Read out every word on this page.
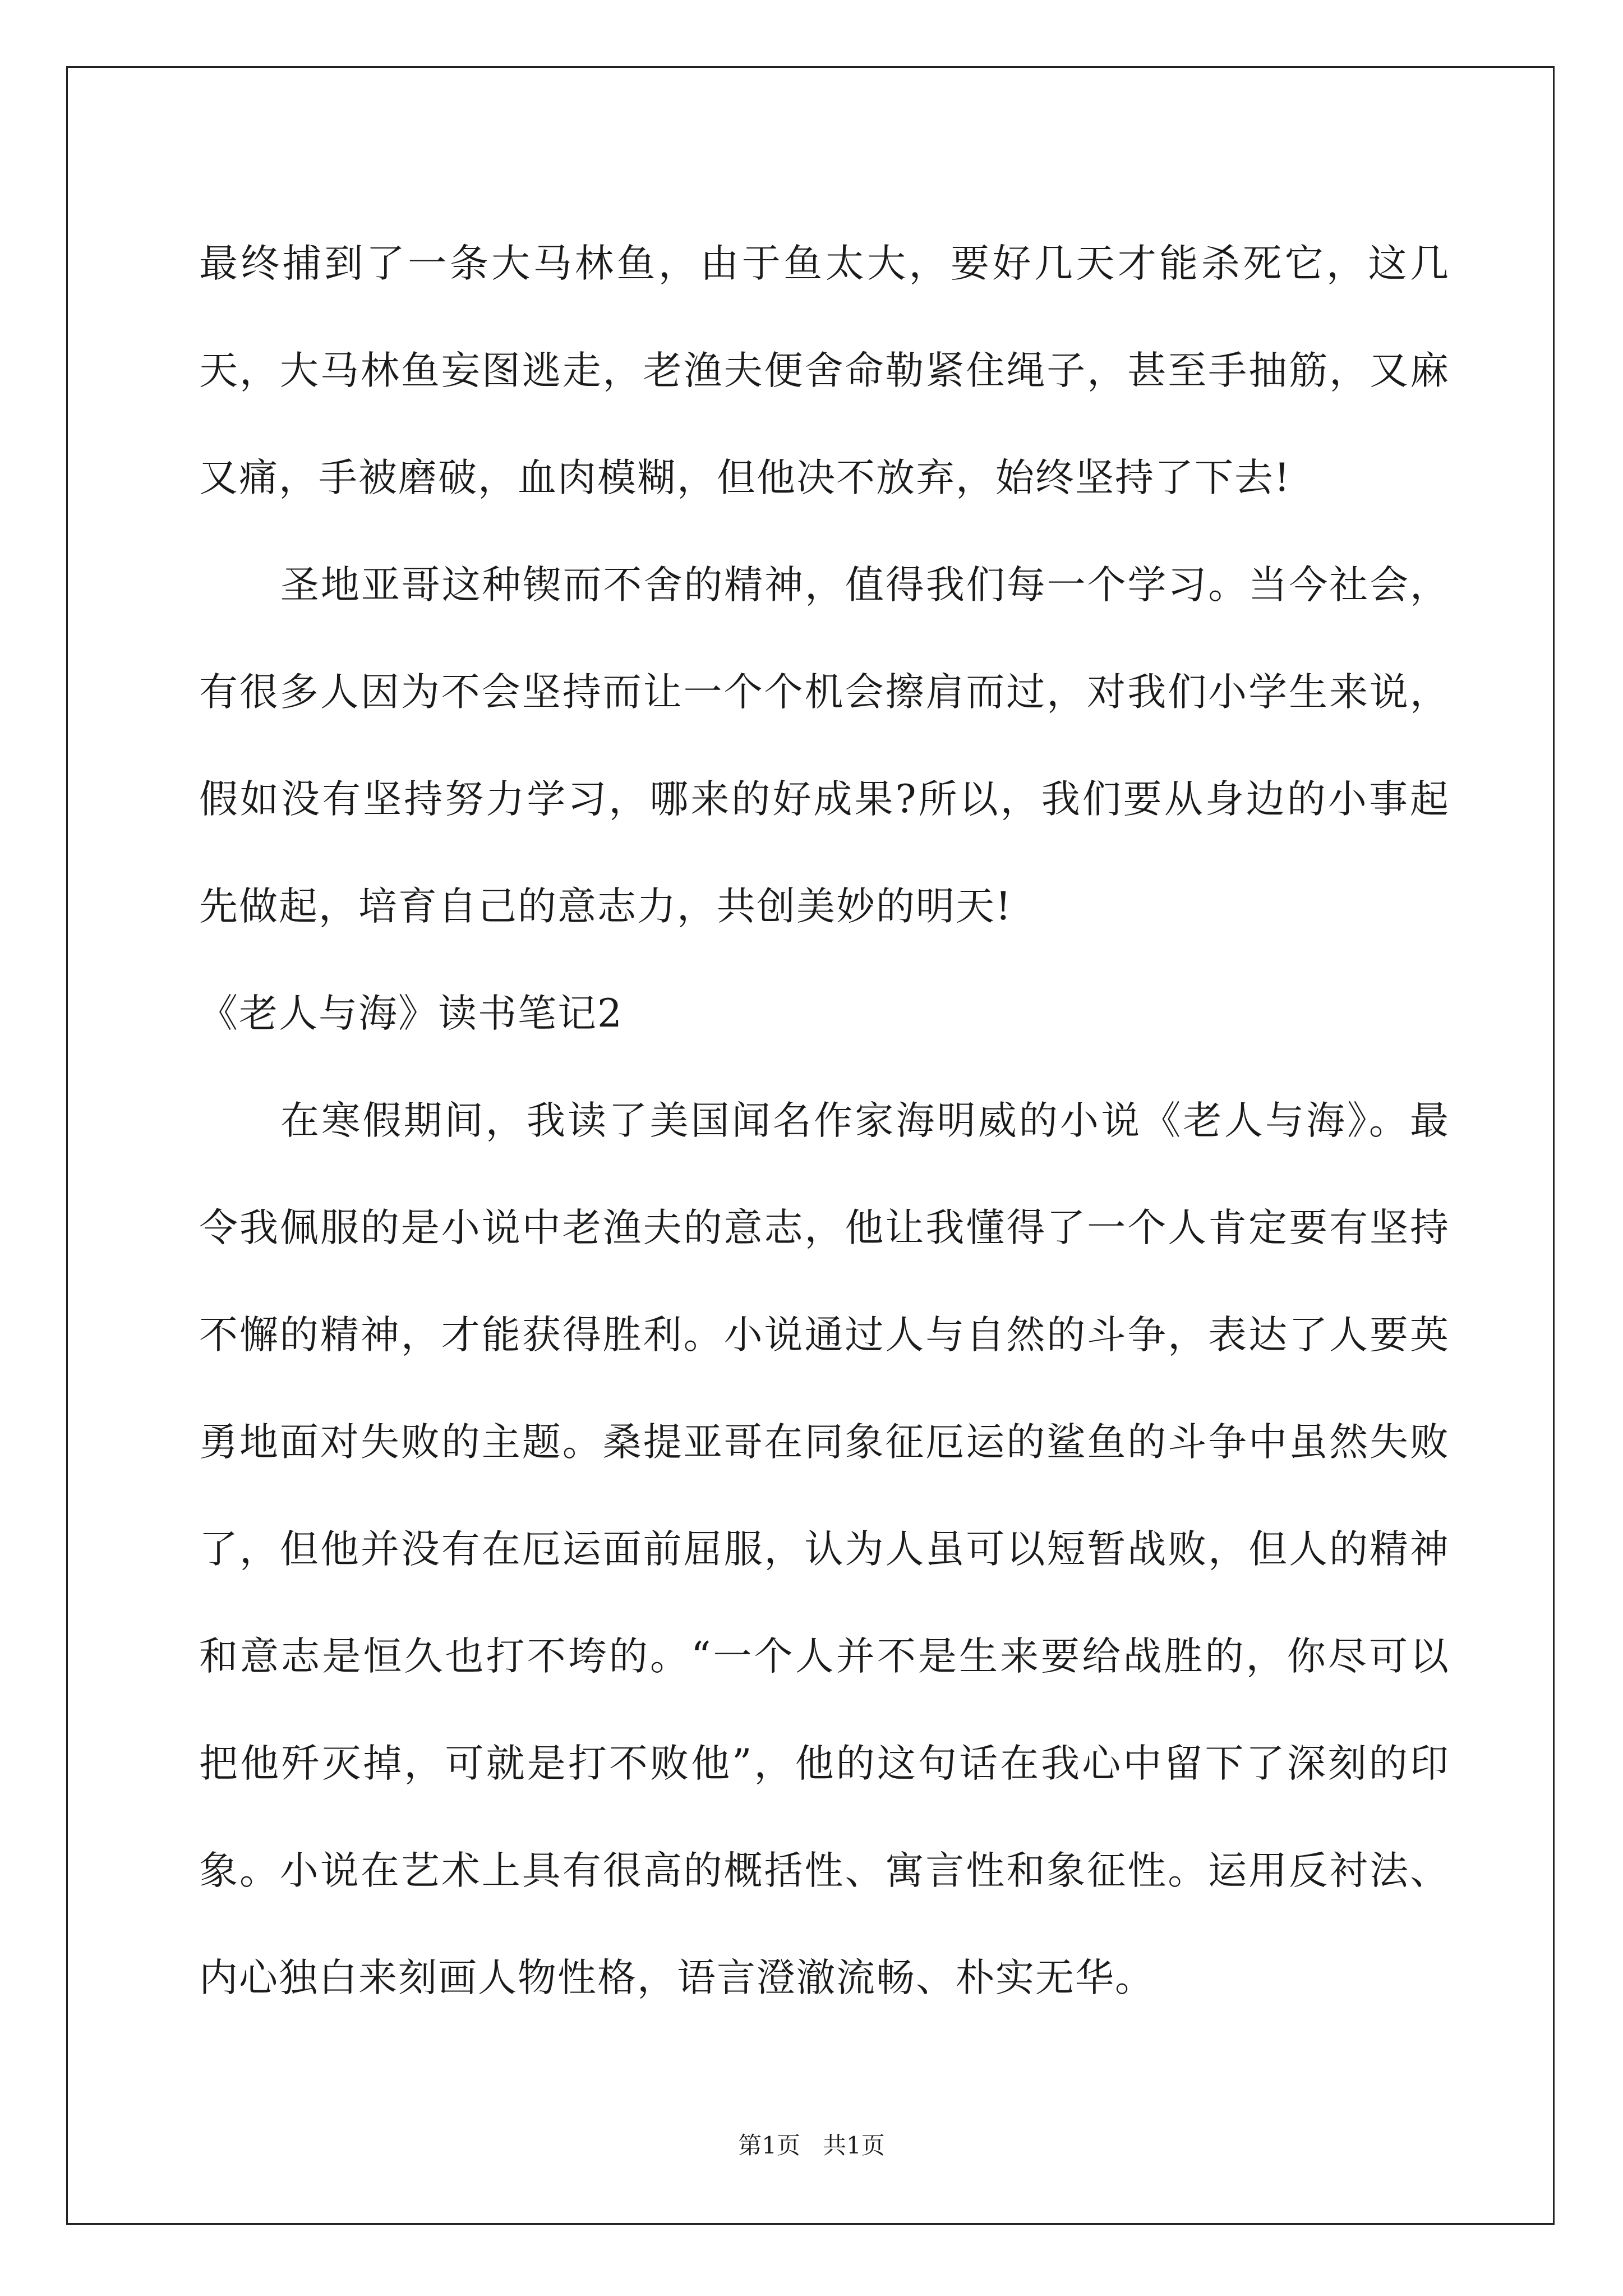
最终捕到了一条大马林鱼，由于鱼太大，要好几天才能杀死它，这几天，大马林鱼妄图逃走，老渔夫便舍命勒紧住绳子，甚至手抽筋，又麻又痛，手被磨破，血肉模糊，但他决不放弃，始终坚持了下去!

圣地亚哥这种锲而不舍的精神，值得我们每一个学习。当今社会，有很多人因为不会坚持而让一个个机会擦肩而过，对我们小学生来说，假如没有坚持努力学习，哪来的好成果?所以，我们要从身边的小事起先做起，培育自己的意志力，共创美妙的明天!

《老人与海》读书笔记2

在寒假期间，我读了美国闻名作家海明威的小说《老人与海》。最令我佩服的是小说中老渔夫的意志，他让我懂得了一个人肯定要有坚持不懈的精神，才能获得胜利。小说通过人与自然的斗争，表达了人要英勇地面对失败的主题。桑提亚哥在同象征厄运的鲨鱼的斗争中虽然失败了，但他并没有在厄运面前屈服，认为人虽可以短暂战败，但人的精神和意志是恒久也打不垮的。“一个人并不是生来要给战胜的，你尽可以把他歼灭掉，可就是打不败他”，他的这句话在我心中留下了深刻的印象。小说在艺术上具有很高的概括性、寓言性和象征性。运用反衬法、内心独白来刻画人物性格，语言澄澈流畅、朴实无华。

第1页   共1页
